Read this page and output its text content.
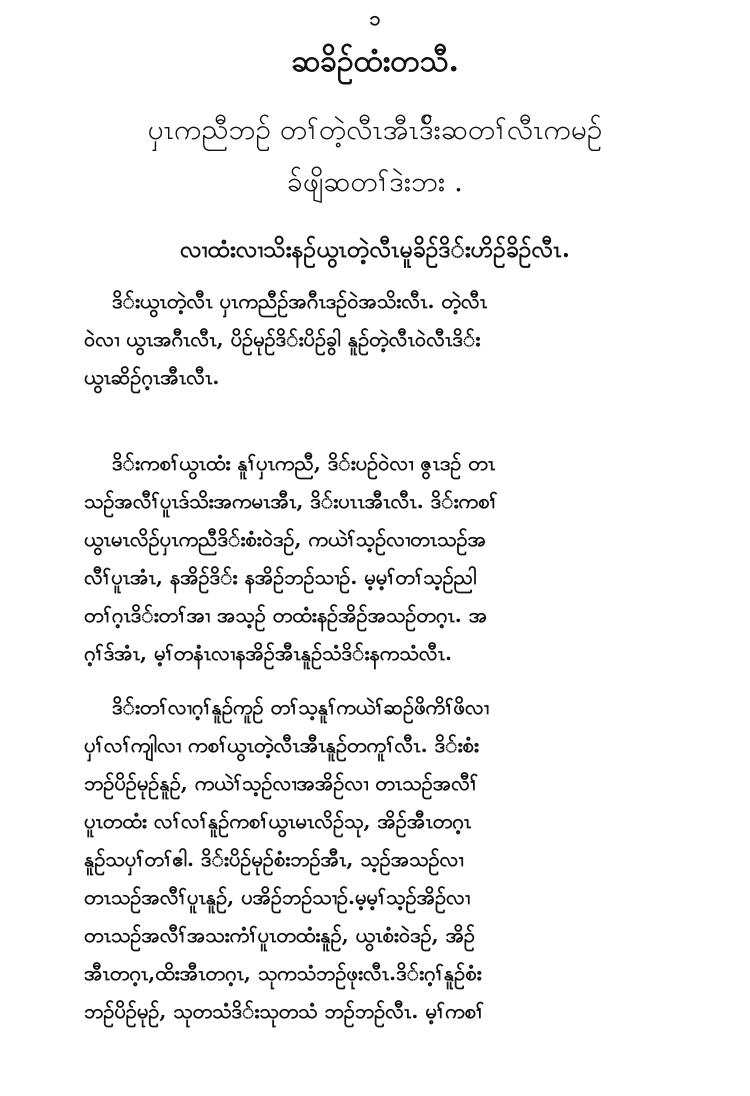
၁
ဆခိဉ်ထံးတသီ.
ပှၤကညီဘဉ် တၢ်တဲ့လီၤအီၤဒ်ိးဆတၢ်လီၤကမဉ်
ခ်ဖျိဆတၢ်ဒဲးဘး .
လၢထံးလၢသိးနဉ်ယွၤတဲ့လီၤမူခိဉ်ဒိ်းဟိဉ်ခိဉ်လီၤ.
ဒိ်းယွၤတဲ့လီၤ ပှၤကညီဉ်အဂီၤဒဉ်ဝဲအသိးလီၤ. တဲ့လီၤ
ဝဲလၢ ယွၤအဂီၤလီၤ, ပိဉ်မုဉ်ဒိ်းပိဉ်ခွါ နူဉ်တဲ့လီၤဝဲလီၤဒိ်း
ယွၤဆိဉ်ဂ့ၤအီၤလီၤ.
ဒိ်းကစၢ်ယွၤထံး နူၢ်ပှၤကညီ, ဒိ်းပဉ်ဝဲလၢ ဇွၤဒဉ် တၤ
သဉ်အလီၢ်ပူၤဒ်သိးအကမၤအီၤ, ဒိ်းပၤၤအီၤလီၤ. ဒိ်းကစၢ်
ယွၤမၤလိဉ်ပှၤကညီဒိ်းစံးဝဲဒဉ်, ကယဲၢ်သ့ဉ်လၢတၤသဉ်အ
လီၢ်ပူၤအံၤ, နအိဉ်ဒိ်း နအိဉ်ဘဉ်သၢဉ်. မ့မ့ၢ်တၢ်သ့ဉ်ညါ
တၢ်ဂ့ၤဒိ်းတၢ်အၢ အသ့ဉ် တထံးနဉ်အိဉ်အသဉ်တဂ့ၤ. အ
ဂ့ၢ်ဒ်အံၤ, မ့ၢ်တနံၤလၢနအိဉ်အီၤနူဉ်သံဒိ်းနကသံလီၤ.
ဒိ်းတၢ်လၢဂ့ၢ်နူဉ်ကူဉ် တၢ်သ့နူၢ်ကယဲၢ်ဆဉ်ဖိကိၢ်ဖိလၢ
ပှၢ်လၢ်ကျါလၢ ကစၢ်ယွၤတဲ့လီၤအီၤနူဉ်တကူၢ်လီၤ. ဒိ်းစံး
ဘဉ်ပိဉ်မုဉ်နူဉ်, ကယဲၢ်သ့ဉ်လၢအအိဉ်လၢ တၤသဉ်အလီၢ်
ပူၤတထံး လၢ်လၢ်နူဉ်ကစၢ်ယွၤမၤလိဉ်သု, အိဉ်အီၤတဂ့ၤ
နူဉ်သပှၢ်တၢ်ဧါ. ဒိ်းပိဉ်မုဉ်စံးဘဉ်အီၤ, သ့ဉ်အသဉ်လၢ
တၤသဉ်အလီၢ်ပူၤနူဉ်, ပအိဉ်ဘဉ်သၢဉ်.မ့မ့ၢ်သ့ဉ်အိဉ်လၢ
တၤသဉ်အလီၢ်အသးကံၢ်ပူၤတထံးနူဉ်, ယွၤစံးဝဲဒဉ်, အိဉ်
အီၤတဂ့ၤ,ထိးအီၤတဂ့ၤ, သုကသံဘဉ်ဖုးလီၤ.ဒိ်းဂ့ၢ်နူဉ်စံး
ဘဉ်ပိဉ်မုဉ်, သုတသံဒိ်းသုတသံ ဘဉ်ဘဉ်လီၤ. မ့ၢ်ကစၢ်
